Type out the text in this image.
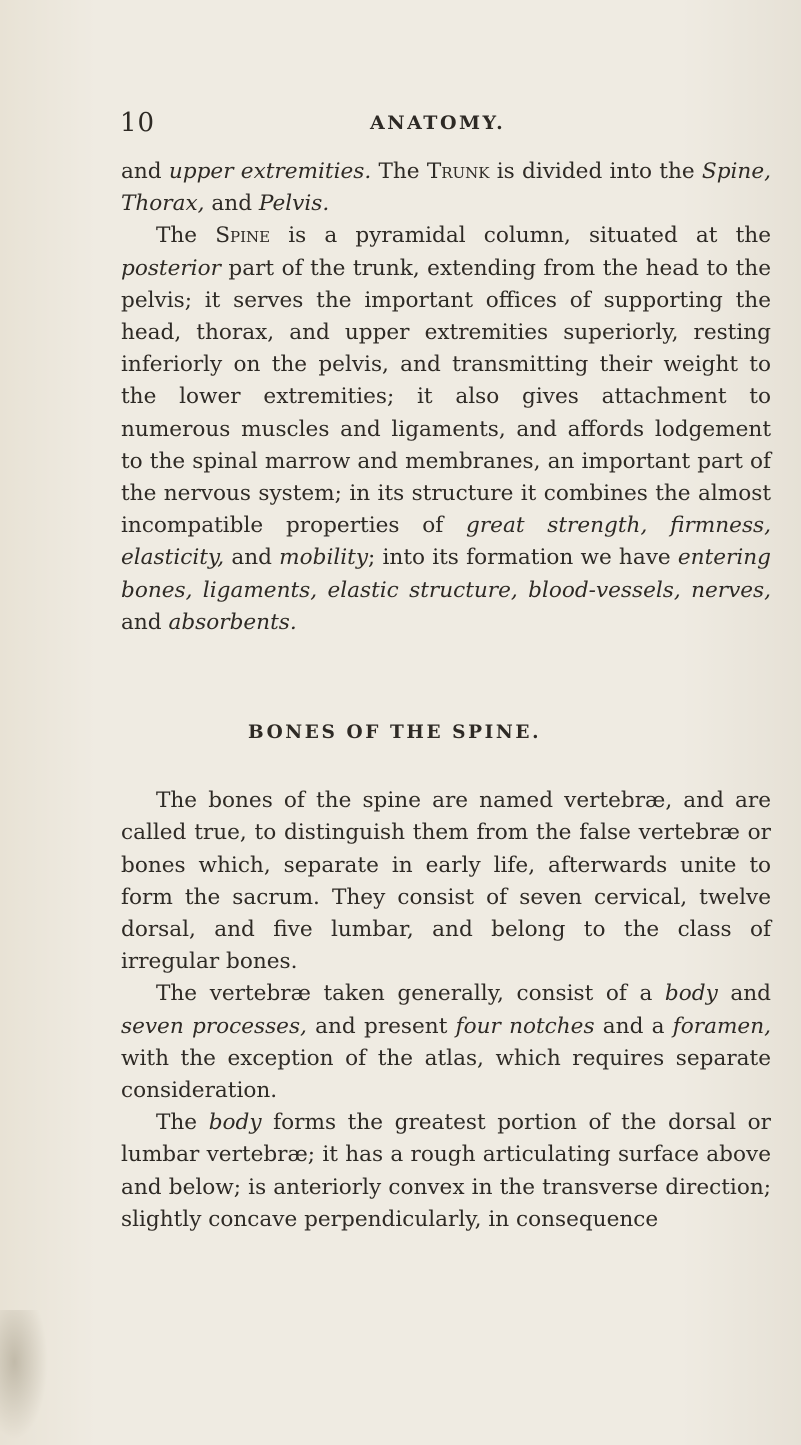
10	ANATOMY.

and upper extremities. The Trunk is divided into the Spine, Thorax, and Pelvis.

The Spine is a pyramidal column, situated at the posterior part of the trunk, extending from the head to the pelvis; it serves the important offices of supporting the head, thorax, and upper extremities superiorly, resting inferiorly on the pelvis, and transmitting their weight to the lower extremities; it also gives attachment to numerous muscles and ligaments, and affords lodgement to the spinal marrow and membranes, an important part of the nervous system; in its structure it combines the almost incompatible properties of great strength, firmness, elasticity, and mobility; into its formation we have entering bones, ligaments, elastic structure, blood-vessels, nerves, and absorbents.

BONES OF THE SPINE.

The bones of the spine are named vertebræ, and are called true, to distinguish them from the false vertebræ or bones which, separate in early life, afterwards unite to form the sacrum. They consist of seven cervical, twelve dorsal, and five lumbar, and belong to the class of irregular bones.

The vertebræ taken generally, consist of a body and seven processes, and present four notches and a foramen, with the exception of the atlas, which requires separate consideration.

The body forms the greatest portion of the dorsal or lumbar vertebræ; it has a rough articulating surface above and below; is anteriorly convex in the transverse direction; slightly concave perpendicularly, in consequence
